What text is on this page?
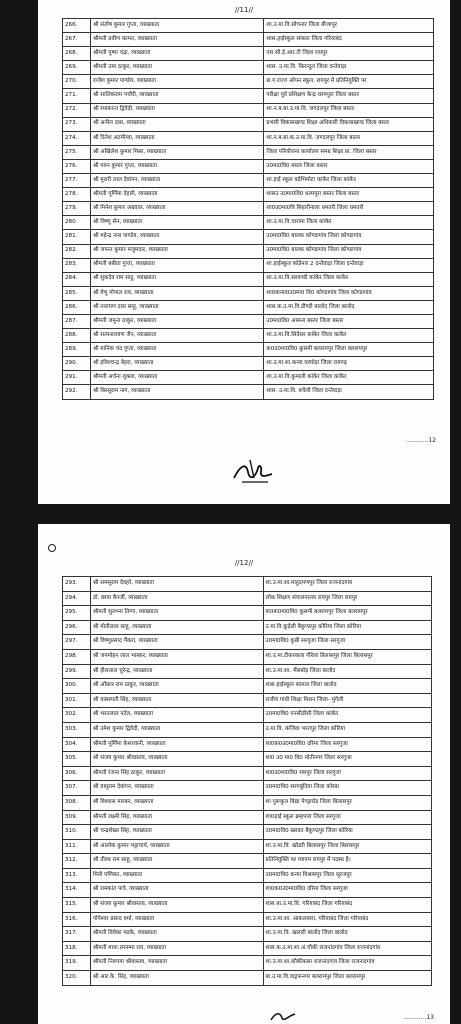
//11//
266.	श्री संतोष कुमार गुप्ता, व्याख्याता	शा.उ.मा.वि.सोचनार जिला बीजापुर
267.	श्रीमती प्रवीण कामत, व्याख्याता	शास.हाईस्कूल सांकरा जिला गरियाबंद
268.	श्रीमती पुष्पा चंद्रा, व्याख्याता	एस.सी.ई.आर.टी जिला रायपुर
269.	श्रीमती उमा ठाकुर, व्याख्याता	शास. उ.मा.वि. किरन्दुल जिला दन्तेवाड़ा
270.	राजेश कुमार पाण्डेय, व्याख्याता	छ.ग.राज्य ओपन स्कूल, रायपुर में प्रतिनियुक्ति पर
271.	श्री सालिकराम पचौरी, व्याख्याता	परीक्षा पूर्व प्रशिक्षण केन्द्र धरमपुरा जिला बस्तर
272.	श्री रमाकान्त द्विवेदी, व्याख्याता	शा.न.ब.बा.उ.मा.वि. जगदलपुर जिला बस्तर
273.	श्री अनील दास, व्याख्याता	प्रभारी विकासखण्ड शिक्षा अधिकारी विकासखण्ड जिला बस्तर
274.	श्री दिनेश अटमीय्या, व्याख्याता	शा.न.ब.बा.क.उ.मा.वि. जगदलपुर जिला बस्तर
275.	श्री अखिलेश कुमार मिश्रा, व्याख्याता	जिला परियोजना कार्यालय समग्र शिक्षा प्रा. जिला बस्तर
276.	श्री पवन कुमार गुप्ता, व्याख्याता	उ0मा0वि0 बस्तर जिला बस्तर
277.	श्री मुरारी लाल देवांगन, व्याख्याता	शा.हाई स्कूल बदेभिमोटा कांकेर जिला कांकेर
278.	श्रीमती पूर्णिमा देहारी, व्याख्याता	शासउ उ0मा0वि0 धरमपुरा बस्तर जिला बस्तर
279.	श्री मिनेश कुमार अग्रवाल, व्याख्याता	शा0उ0मा0वि सिहारीनाला धमतरी जिला धमतरी
280.	श्री विष्णु सेन, व्याख्याता	शा.उ.मा.वि.चारामा जिला कांकेर
281.	श्री महेन्द्र नाथ पाण्डेय, व्याख्याता	उ0मा0वि0 बालक कोण्डागांव जिला कोण्डागांव
282.	श्री जयन्त कुमार मजुमदार, व्याख्याता	उ0मा0वि0 बालक कोण्डागांव जिला कोण्डागांव
283.	श्रीमती बबीता गुप्ता, व्याख्याता	शा.हाईस्कूल कोडेनार 2 दन्तेवाड़ा जिला दन्तेवाड़ा
284.	श्री सुकदेव राम साहू, व्याख्याता	शा.उ.मा.वि.सरवण्डी कांकेर जिला कांकेर
285.	श्री वेणु गोपाल राव, व्याख्याता	शा0कन्या0उ0मा0 वि0 कोण्डागांव जिला कोण्डागांव
286.	श्री नारायण दास साहू, व्याख्याता	शास.क.उ.मा.वि.डौण्डी बालोद जिला बालोद
287.	श्रीमती जमुना ठाकुर, व्याख्याता	उ0मा0वि0 आसना बस्तर जिला बस्तर
288.	श्री सत्यनारायण जैन, व्याख्याता	शा.उ.मा.वि.सिदेसर कांकेर जिला कांकेर
289.	श्री मानिक चंद गुप्ता, व्याख्याता	क0उ0मा0वि0 कुसमी बलरामपुर जिला बलरामपुर
290.	श्री हरिशचन्द्र बेहरा, व्याख्याता	शा.उ.मा.शा.कन्या घरघोड़ा जिला रायगढ़
291.	श्रीमती अर्चना शुक्ला, व्याख्याता	शा.उ.मा.वि.कुमाली कांकेर जिला कांकेर
292.	श्री बिरसूराम नाग, व्याख्याता	शास. उ.मा.वि. बचेली जिला दन्तेवाड़ा
............12
//12//
293.	श्री समसूराम देवहरे, व्याख्याता	शा.उ.मा.शा.माहुदमणपुर जिला राजनांदगांव
294.	डॉ. छाया बैनर्जी, व्याख्याता	लोक शिक्षण संचालनालय रायपुर जिला रायपुर
295.	श्रीमती सुलभ्ना तिग्गा, व्याख्याता	क0क0मा0वि0 कुसमी बलरामपुर जिला बलरामपुर
296.	श्री मोतीलाल साहू, व्याख्याता	उ.मा.वि.कुड़ेली बैकुण्ठपुर कोरिया जिला कोरिया
297.	श्री विष्णुप्रसाद पैंकरा, व्याख्याता	उ0मा0वि0 कुन्नी सरगुजा जिला सरगुजा
298.	श्री जगमोहन लाल भास्कर, व्याख्याता	शा.उ.मा.टीकरकला गौरेला बिलासपुर जिला बिलासपुर
299.	श्री हीरालाल चुरेन्द्र, व्याख्याता	शा.उ.मा.शा. भैंसबोड़ जिला बालोद
300.	श्री ओंकार राम ठाकुर, व्याख्याता	शास.हाईस्कूल कामता जिला बालोद
301.	श्री वासस्पती सिंह, व्याख्याता	राजीव गांधी शिक्षा मिशन जिला- मुंगेली
302.	श्री भरतलाल पटेल, व्याख्याता	उ0मा0वि0 एनसीडीसी जिला कांकेर
303.	श्री उमेश कुमार द्विवेदी, व्याख्याता	उ.मा.वि. कंजिया भरतपुर जिला कोरिया
304.	श्रीमती पूर्णिमा केशरवानी, व्याख्याता	शा0क0उ0मा0वि0 दरिमा जिला सरगुजा
305.	श्री संजय कुमार श्रीवास्तव, व्याख्याता	शा0 उ0 मा0 वि0 मोतीनगर जिला सरगुजा
306.	श्रीमती रंजना सिंह ठाकुर, व्याख्याता	शा0उ0मा0वि0 रामपुर जिला सरगुजा
307.	श्री यामुराम देवांगन, व्याख्याता	उ0मा0वि0 सरगबुंदिया जिला कोरबा
308.	श्री विश्वास मारबन, व्याख्याता	शा गुरूकुल विद्या पेण्ड्रारोड जिला बिलासपुर
309.	श्रीमती लक्ष्मी सिंह, व्याख्याता	शा0हाई स्कूल ब्रम्हपारा जिला सरगुजा
310.	श्री चन्द्रशेखर सिंह, व्याख्याता	उ0मा0वि0 खरवत बैकुण्ठपुर जिला कोरिया
311.	श्री आलोक कुमार भट्टाचार्य, व्याख्याता	शा.उ.मा.वि. खोडरी बिलासपुर जिला बिलासपुर
312.	श्री तीरथ राम साहू, व्याख्याता	प्रतिनियुक्ति पर व्यापम रायपुर में पदस्थ है।
313.	मिनी पणिकर, व्याख्याता	उ0मा0वि0 कन्या विश्रामपुर जिला सूरजपुर
314.	श्री रामकांत पात्रे, व्याख्याता	शा0क0उ0मा0वि0 दरिमा जिला सरगुजा
315.	श्री संजय कुमार श्रीवास्तव, व्याख्याता	शास.बा.उ.मा.वि. गरियाबंद जिला गरियाबंद
316.	गोपेश्वर प्रसाद वर्मा, व्याख्याता	शा.उ.मा.शा. आकलवारा, गरियाबंद जिला गरियाबंद
317.	श्रीमती विवेका मडके, व्याख्याता	शा.उ.मा.वि. खलारी बालोद जिला बालोद
318.	श्रीमती माया.रमनम्मा राव, व्याख्याता	शास.क.उ.मा.शा.अं.चौकी राजनांदगांव जिला राजनांदगांव
319.	श्रीमती निरुपमा श्रीवास्तव, व्याख्याता	शा.उ.मा.शा.कौकीकसा राजनांदगांव जिला राजनांदगांव
320.	श्री आर.के. सिंह, व्याख्याता	बा.उ.मा.वि.वाड्रफनगर बलरामपुर जिला बलरामपुर
............13
